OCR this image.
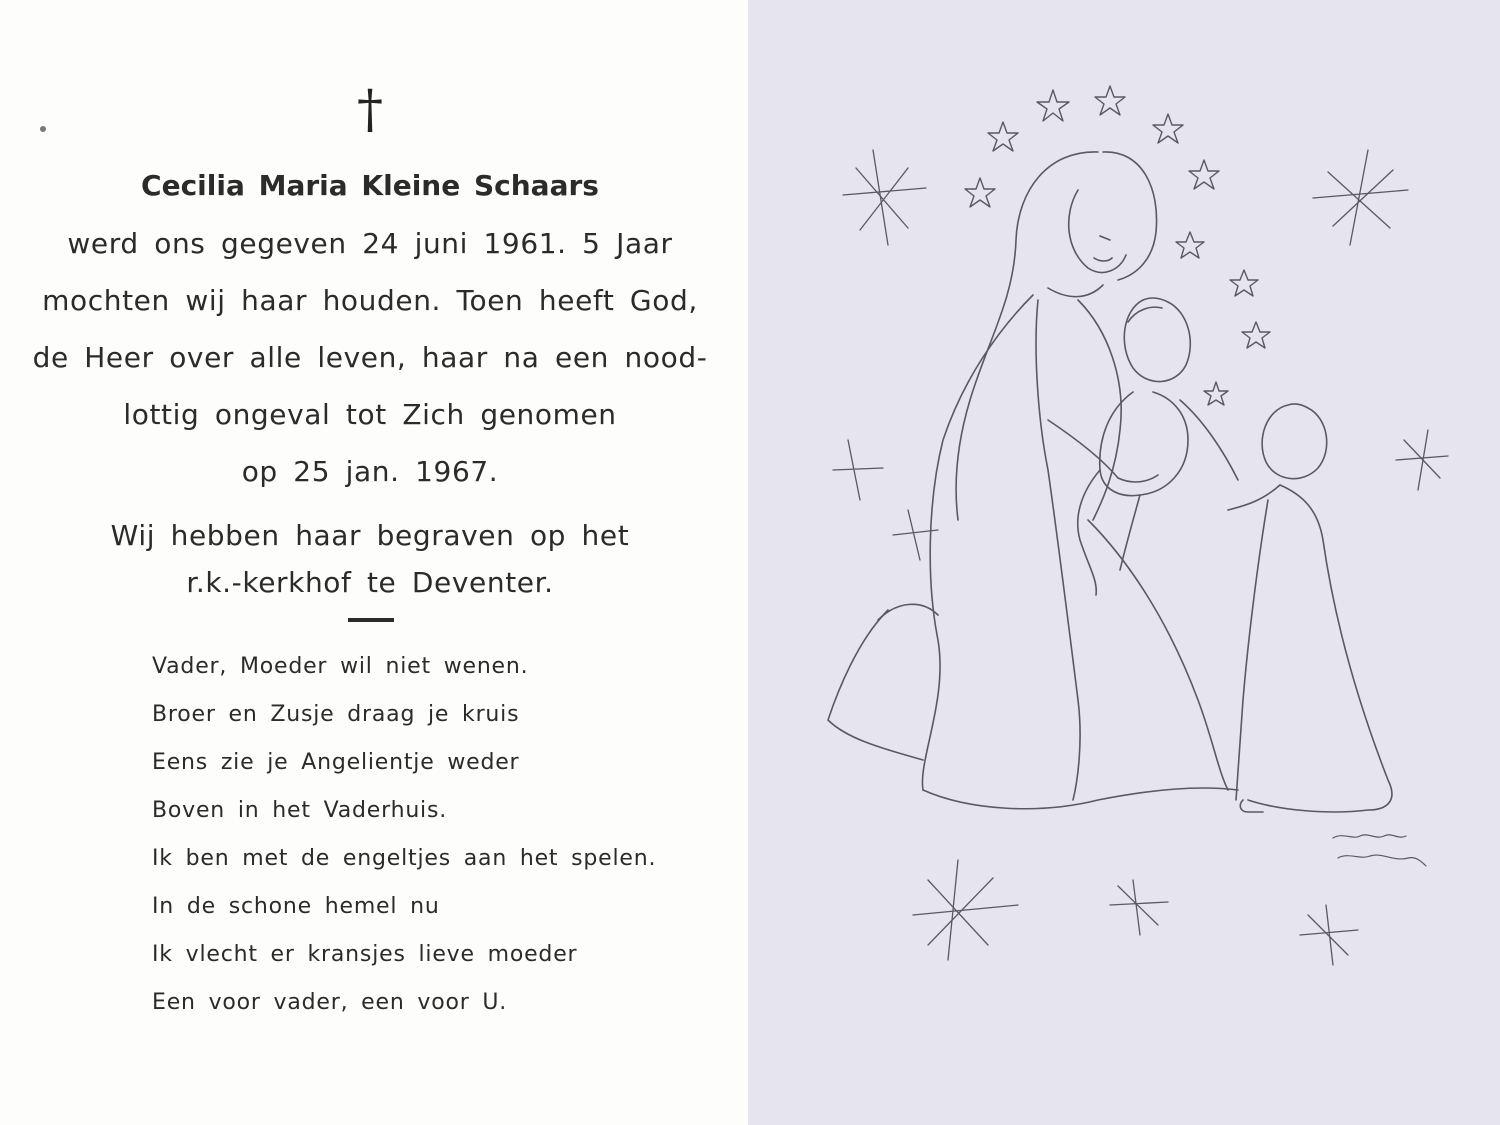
†
Cecilia Maria Kleine Schaars
werd ons gegeven 24 juni 1961. 5 Jaar
mochten wij haar houden. Toen heeft God,
de Heer over alle leven, haar na een nood-
lottig ongeval tot Zich genomen
op 25 jan. 1967.
Wij hebben haar begraven op het
r.k.-kerkhof te Deventer.
Vader, Moeder wil niet wenen.
Broer en Zusje draag je kruis
Eens zie je Angelientje weder
Boven in het Vaderhuis.
Ik ben met de engeltjes aan het spelen.
In de schone hemel nu
Ik vlecht er kransjes lieve moeder
Een voor vader, een voor U.
